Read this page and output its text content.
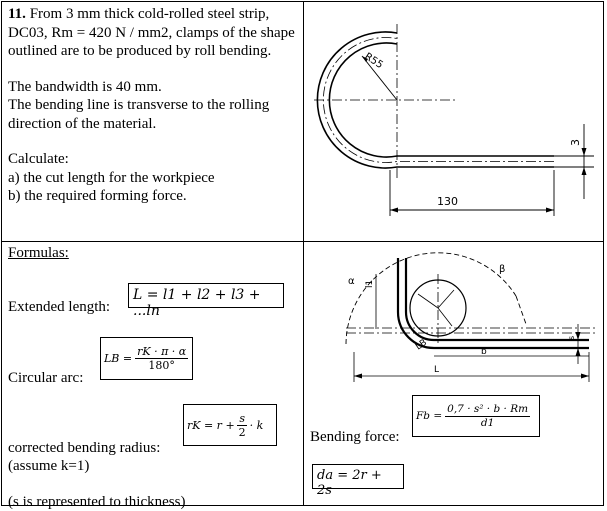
11. From 3 mm thick cold-rolled steel strip, DC03, Rm = 420 N / mm2, clamps of the shape outlined are to be produced by roll bending.

The bandwidth is 40 mm.

The bending line is transverse to the rolling direction of the material.

Calculate:

a) the cut length for the workpiece

b) the required forming force.

R55
130
3
Formulas:
Extended length:
L = l1 + l2 + l3 + ...ln
Circular arc:
LB = $\frac{rK \cdot \pi \cdot \alpha}{180^\circ}$
corrected bending radius:
(assume k=1)
rK = $r + \frac{s}{2} \cdot k$
(s is represented to thickness)
Bending force:
$Fb = \frac{\text{0,7 · s² · b · Rm}}{d1}$
da = 2r + 2s
α
β
l1
LB	b
L
s
